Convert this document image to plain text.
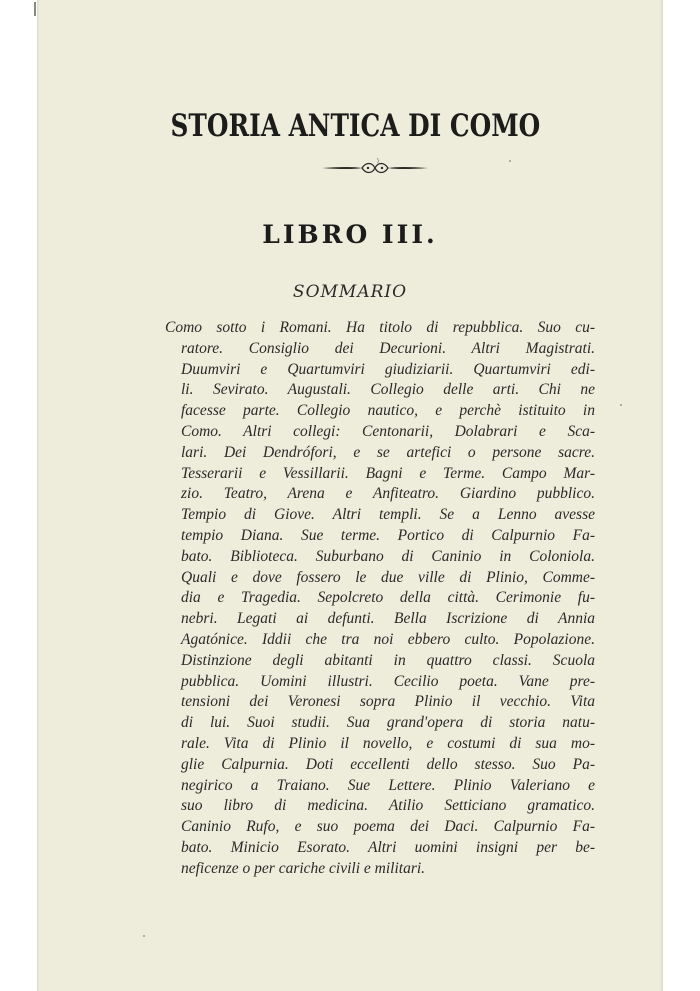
STORIA ANTICA DI COMO
LIBRO III.
SOMMARIO
Como sotto i Romani. Ha titolo di repubblica. Suo cu-
ratore. Consiglio dei Decurioni. Altri Magistrati.
Duumviri e Quartumviri giudiziarii. Quartumviri edi-
li. Sevirato. Augustali. Collegio delle arti. Chi ne
facesse parte. Collegio nautico, e perchè istituito in
Como. Altri collegi: Centonarii, Dolabrari e Sca-
lari. Dei Dendrófori, e se artefici o persone sacre.
Tesserarii e Vessillarii. Bagni e Terme. Campo Mar-
zio. Teatro, Arena e Anfiteatro. Giardino pubblico.
Tempio di Giove. Altri templi. Se a Lenno avesse
tempio Diana. Sue terme. Portico di Calpurnio Fa-
bato. Biblioteca. Suburbano di Caninio in Coloniola.
Quali e dove fossero le due ville di Plinio, Comme-
dia e Tragedia. Sepolcreto della città. Cerimonie fu-
nebri. Legati ai defunti. Bella Iscrizione di Annia
Agatónice. Iddii che tra noi ebbero culto. Popolazione.
Distinzione degli abitanti in quattro classi. Scuola
pubblica. Uomini illustri. Cecilio poeta. Vane pre-
tensioni dei Veronesi sopra Plinio il vecchio. Vita
di lui. Suoi studii. Sua grand'opera di storia natu-
rale. Vita di Plinio il novello, e costumi di sua mo-
glie Calpurnia. Doti eccellenti dello stesso. Suo Pa-
negirico a Traiano. Sue Lettere. Plinio Valeriano e
suo libro di medicina. Atilio Setticiano gramatico.
Caninio Rufo, e suo poema dei Daci. Calpurnio Fa-
bato. Minicio Esorato. Altri uomini insigni per be-
neficenze o per cariche civili e militari.
